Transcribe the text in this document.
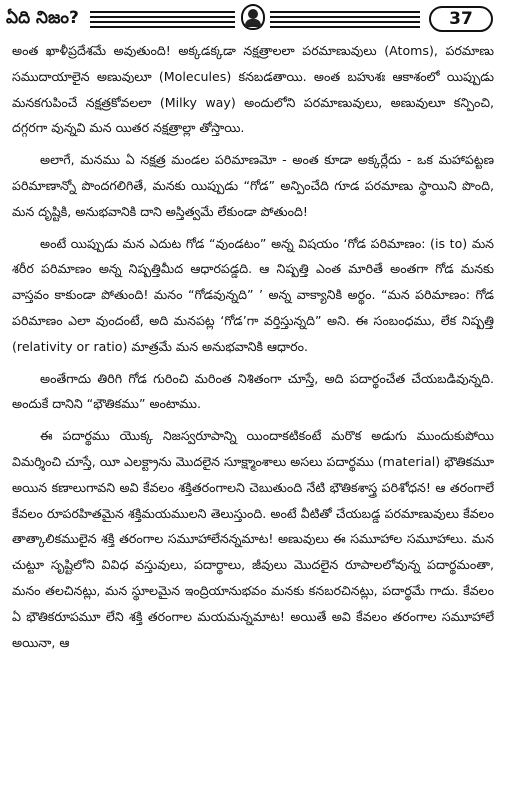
ఏది నిజం?	37

అంత ఖాళీప్రదేశమే అవుతుంది! అక్కడక్కడా నక్షత్రాలలా పరమాణువులు (Atoms), పరమాణు సముదాయాలైన అణువులూ (Molecules) కనబడతాయి. అంత బహుశః ఆకాశంలో యిప్పుడు మనకగుపించే నక్షత్రకోవలలా (Milky way) అందులోని పరమాణువులు, అణువులూ కన్పించి, దగ్గరగా వున్నవి మన యితర నక్షత్రాల్లా తోస్తాయి.

అలాగే, మనము ఏ నక్షత్ర మండల పరిమాణమో - అంత కూడా అక్కర్లేదు - ఒక మహాపట్టణ పరిమాణాన్నో పొందగలిగితే, మనకు యిప్పుడు “గోడ” అన్పించేది గూడ పరమాణు స్థాయిని పొంది, మన దృష్టికి, అనుభవానికి దాని అస్తిత్వమే లేకుండా పోతుంది!

అంటే యిప్పుడు మన ఎదుట గోడ “వుండటం” అన్న విషయం ‘గోడ పరిమాణం: (is to) మన శరీర పరిమాణం అన్న నిష్పత్తిమీద ఆధారపడ్డది. ఆ నిష్పత్తి ఎంత మారితే అంతగా గోడ మనకు వాస్తవం కాకుండా పోతుంది! మనం “గోడవున్నది” ’ అన్న వాక్యానికి అర్థం. “మన పరిమాణం: గోడ పరిమాణం ఎలా వుందంటే, అది మనపట్ల ‘గోడ’గా వర్తిస్తున్నది” అని. ఈ సంబంధము, లేక నిష్పత్తి (relativity or ratio) మాత్రమే మన అనుభవానికి ఆధారం.

అంతేగాదు తిరిగి గోడ గురించి మరింత నిశితంగా చూస్తే, అది పదార్థంచేత చేయబడివున్నది. అందుకే దానిని “భౌతికము” అంటాము.

ఈ పదార్థము యొక్క నిజస్వరూపాన్ని యిందాకటికంటే మరొక అడుగు ముందుకుపోయి విమర్శించి చూస్తే, యీ ఎలక్ట్రాను మొదలైన సూక్ష్మాంశాలు అసలు పదార్థము (material) భౌతికమూ అయిన కణాలుగావని అవి కేవలం శక్తితరంగాలని చెబుతుంది నేటి భౌతికశాస్త్ర పరిశోధన! ఆ తరంగాలే కేవలం రూపరహితమైన శక్తిమయములని తెలుస్తుంది. అంటే వీటితో చేయబడ్డ పరమాణువులు కేవలం తాత్కాలికములైన శక్తి తరంగాల సమూహాలేనన్నమాట! అణువులు ఈ సమూహాల సమూహాలు. మన చుట్టూ సృష్టిలోని వివిధ వస్తువులు, పదార్థాలు, జీవులు మొదలైన రూపాలలోవున్న పదార్థమంతా, మనం తలచినట్లు, మన స్థూలమైన ఇంద్రియానుభవం మనకు కనబరచినట్లు, పదార్థమే గాదు. కేవలం ఏ భౌతికరూపమూ లేని శక్తి తరంగాల మయమన్నమాట! అయితే అవి కేవలం తరంగాల సమూహాలే అయినా, ఆ
